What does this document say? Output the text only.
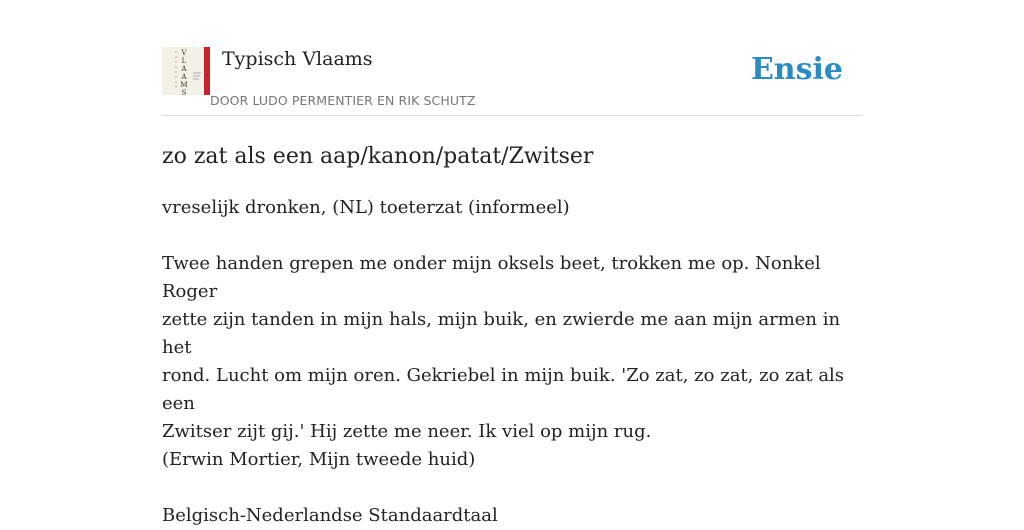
V
L
A
A
M
S
Typisch Vlaams
DOOR LUDO PERMENTIER EN RIK SCHUTZ
Ensie
zo zat als een aap/kanon/patat/Zwitser
vreselijk dronken, (NL) toeterzat (informeel)

Twee handen grepen me onder mijn oksels beet, trokken me op. Nonkel Roger

zette zijn tanden in mijn hals, mijn buik, en zwierde me aan mijn armen in het

rond. Lucht om mijn oren. Gekriebel in mijn buik. 'Zo zat, zo zat, zo zat als een

Zwitser zijt gij.' Hij zette me neer. Ik viel op mijn rug.

(Erwin Mortier, Mijn tweede huid)

Belgisch-Nederlandse Standaardtaal
